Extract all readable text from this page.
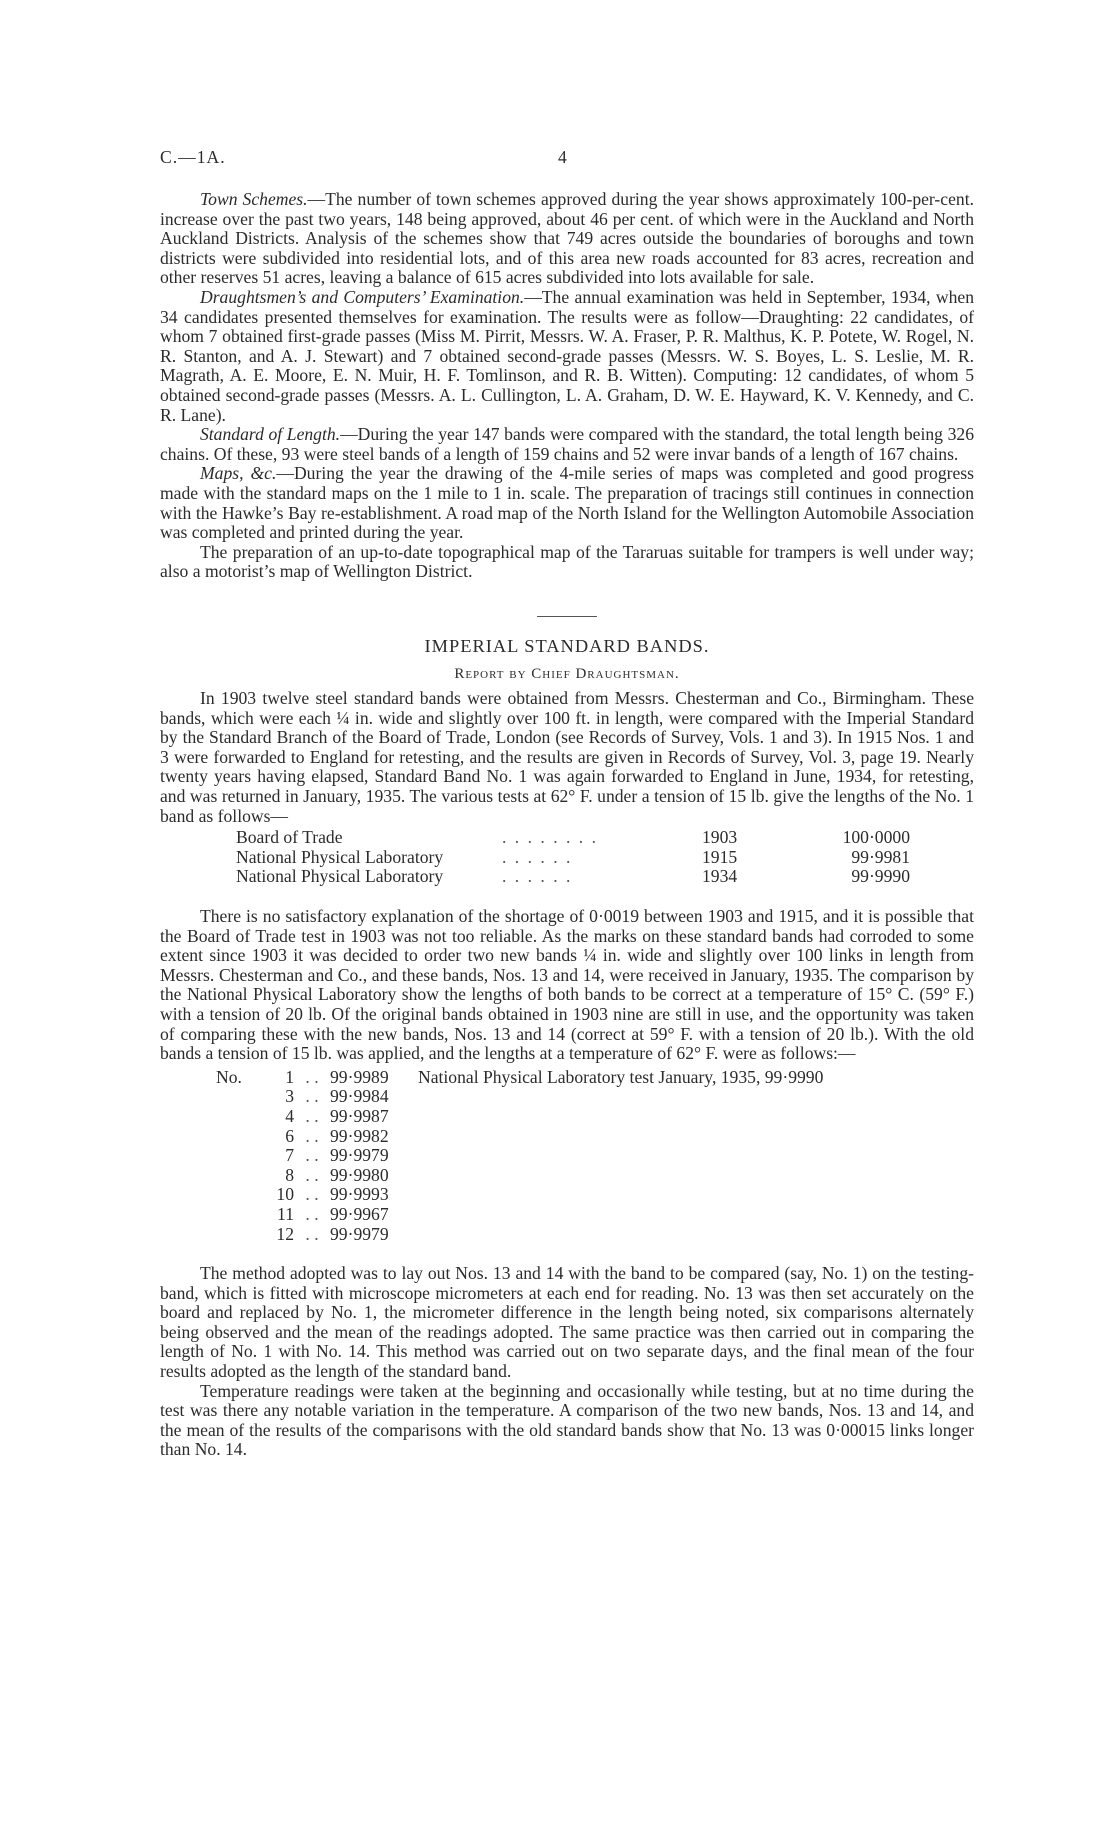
C.—1A.	4

Town Schemes.—The number of town schemes approved during the year shows approximately 100-per-cent. increase over the past two years, 148 being approved, about 46 per cent. of which were in the Auckland and North Auckland Districts. Analysis of the schemes show that 749 acres outside the boundaries of boroughs and town districts were subdivided into residential lots, and of this area new roads accounted for 83 acres, recreation and other reserves 51 acres, leaving a balance of 615 acres subdivided into lots available for sale.

Draughtsmen’s and Computers’ Examination.—The annual examination was held in September, 1934, when 34 candidates presented themselves for examination. The results were as follow—Draughting: 22 candidates, of whom 7 obtained first-grade passes (Miss M. Pirrit, Messrs. W. A. Fraser, P. R. Malthus, K. P. Potete, W. Rogel, N. R. Stanton, and A. J. Stewart) and 7 obtained second-grade passes (Messrs. W. S. Boyes, L. S. Leslie, M. R. Magrath, A. E. Moore, E. N. Muir, H. F. Tomlinson, and R. B. Witten). Computing: 12 candidates, of whom 5 obtained second-grade passes (Messrs. A. L. Cullington, L. A. Graham, D. W. E. Hayward, K. V. Kennedy, and C. R. Lane).

Standard of Length.—During the year 147 bands were compared with the standard, the total length being 326 chains. Of these, 93 were steel bands of a length of 159 chains and 52 were invar bands of a length of 167 chains.

Maps, &c.—During the year the drawing of the 4-mile series of maps was completed and good progress made with the standard maps on the 1 mile to 1 in. scale. The preparation of tracings still continues in connection with the Hawke’s Bay re-establishment. A road map of the North Island for the Wellington Automobile Association was completed and printed during the year.

The preparation of an up-to-date topographical map of the Tararuas suitable for trampers is well under way; also a motorist’s map of Wellington District.

IMPERIAL STANDARD BANDS.
Report by Chief Draughtsman.

In 1903 twelve steel standard bands were obtained from Messrs. Chesterman and Co., Birmingham. These bands, which were each ¼ in. wide and slightly over 100 ft. in length, were compared with the Imperial Standard by the Standard Branch of the Board of Trade, London (see Records of Survey, Vols. 1 and 3). In 1915 Nos. 1 and 3 were forwarded to England for retesting, and the results are given in Records of Survey, Vol. 3, page 19. Nearly twenty years having elapsed, Standard Band No. 1 was again forwarded to England in June, 1934, for retesting, and was returned in January, 1935. The various tests at 62° F. under a tension of 15 lb. give the lengths of the No. 1 band as follows—

Board of Trade	. . . . . . . .	1903	100·0000
National Physical Laboratory	. . . . . .	1915	99·9981
National Physical Laboratory	. . . . . .	1934	99·9990

There is no satisfactory explanation of the shortage of 0·0019 between 1903 and 1915, and it is possible that the Board of Trade test in 1903 was not too reliable. As the marks on these standard bands had corroded to some extent since 1903 it was decided to order two new bands ¼ in. wide and slightly over 100 links in length from Messrs. Chesterman and Co., and these bands, Nos. 13 and 14, were received in January, 1935. The comparison by the National Physical Laboratory show the lengths of both bands to be correct at a temperature of 15° C. (59° F.) with a tension of 20 lb. Of the original bands obtained in 1903 nine are still in use, and the opportunity was taken of comparing these with the new bands, Nos. 13 and 14 (correct at 59° F. with a tension of 20 lb.). With the old bands a tension of 15 lb. was applied, and the lengths at a temperature of 62° F. were as follows:—

No.	1	. .	99·9989	National Physical Laboratory test January, 1935, 99·9990
	3	. .	99·9984	
	4	. .	99·9987	
	6	. .	99·9982	
	7	. .	99·9979	
	8	. .	99·9980	
	10	. .	99·9993	
	11	. .	99·9967	
	12	. .	99·9979	

The method adopted was to lay out Nos. 13 and 14 with the band to be compared (say, No. 1) on the testing-band, which is fitted with microscope micrometers at each end for reading. No. 13 was then set accurately on the board and replaced by No. 1, the micrometer difference in the length being noted, six comparisons alternately being observed and the mean of the readings adopted. The same practice was then carried out in comparing the length of No. 1 with No. 14. This method was carried out on two separate days, and the final mean of the four results adopted as the length of the standard band.

Temperature readings were taken at the beginning and occasionally while testing, but at no time during the test was there any notable variation in the temperature. A comparison of the two new bands, Nos. 13 and 14, and the mean of the results of the comparisons with the old standard bands show that No. 13 was 0·00015 links longer than No. 14.
